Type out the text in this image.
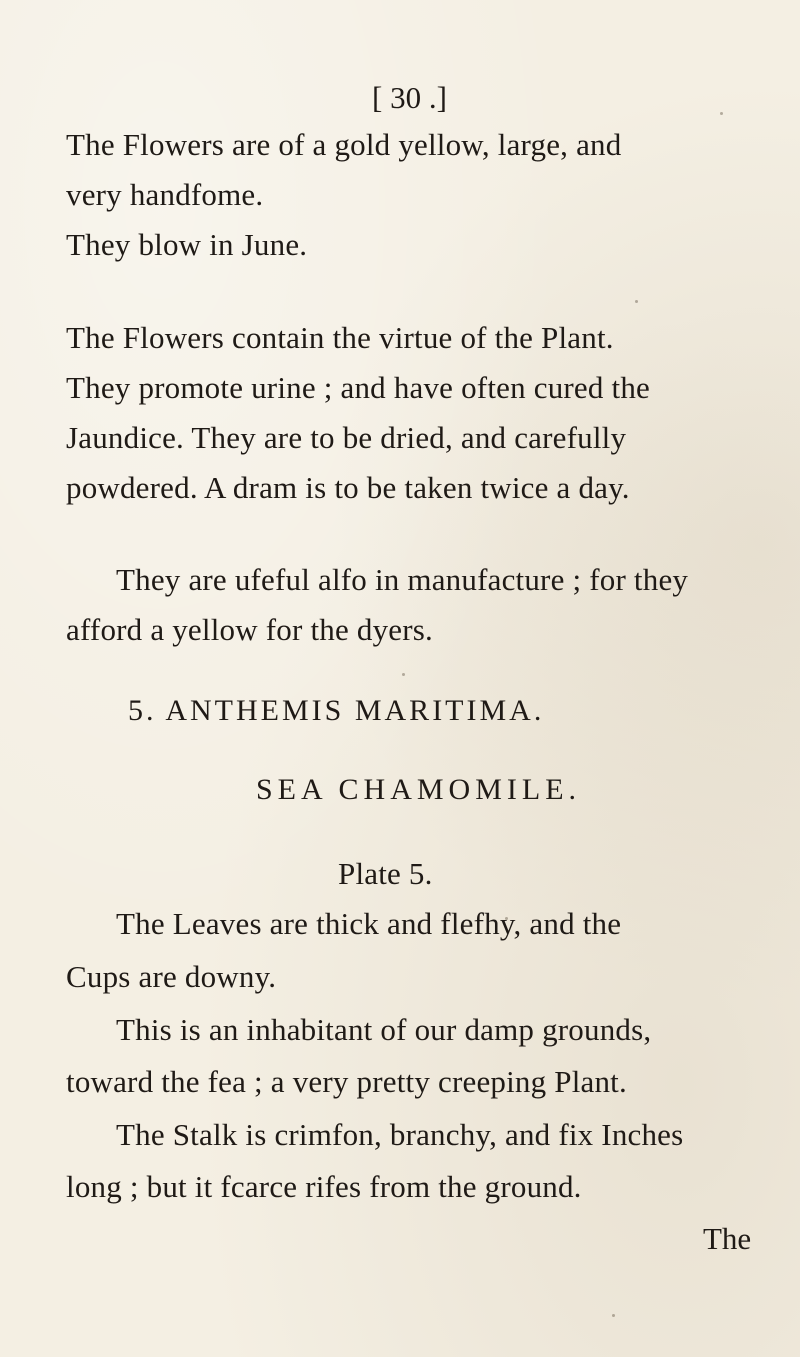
[ 30 .]
The Flowers are of a gold yellow, large, and
very handfome.
They blow in June.
The Flowers contain the virtue of the Plant.
They promote urine ; and have often cured the
Jaundice. They are to be dried, and carefully
powdered. A dram is to be taken twice a day.
They are ufeful alfo in manufacture ; for they
afford a yellow for the dyers.
5. ANTHEMIS MARITIMA.
SEA CHAMOMILE.
Plate 5.
The Leaves are thick and flefhy, and the
Cups are downy.
This is an inhabitant of our damp grounds,
toward the fea ; a very pretty creeping Plant.
The Stalk is crimfon, branchy, and fix Inches
long ; but it fcarce rifes from the ground.
The
